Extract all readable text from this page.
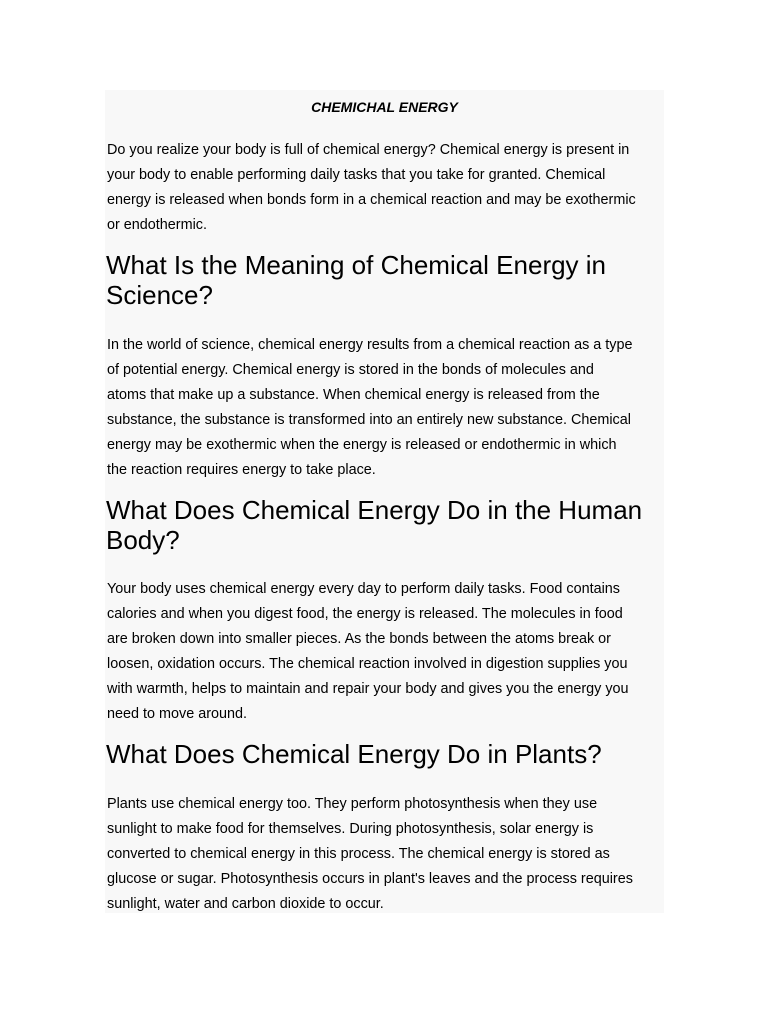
CHEMICHAL ENERGY

Do you realize your body is full of chemical energy? Chemical energy is present in
your body to enable performing daily tasks that you take for granted. Chemical
energy is released when bonds form in a chemical reaction and may be exothermic
or endothermic.

What Is the Meaning of Chemical Energy in
Science?

In the world of science, chemical energy results from a chemical reaction as a type
of potential energy. Chemical energy is stored in the bonds of molecules and
atoms that make up a substance. When chemical energy is released from the
substance, the substance is transformed into an entirely new substance. Chemical
energy may be exothermic when the energy is released or endothermic in which
the reaction requires energy to take place.

What Does Chemical Energy Do in the Human
Body?

Your body uses chemical energy every day to perform daily tasks. Food contains
calories and when you digest food, the energy is released. The molecules in food
are broken down into smaller pieces. As the bonds between the atoms break or
loosen, oxidation occurs. The chemical reaction involved in digestion supplies you
with warmth, helps to maintain and repair your body and gives you the energy you
need to move around.

What Does Chemical Energy Do in Plants?

Plants use chemical energy too. They perform photosynthesis when they use
sunlight to make food for themselves. During photosynthesis, solar energy is
converted to chemical energy in this process. The chemical energy is stored as
glucose or sugar. Photosynthesis occurs in plant's leaves and the process requires
sunlight, water and carbon dioxide to occur.
